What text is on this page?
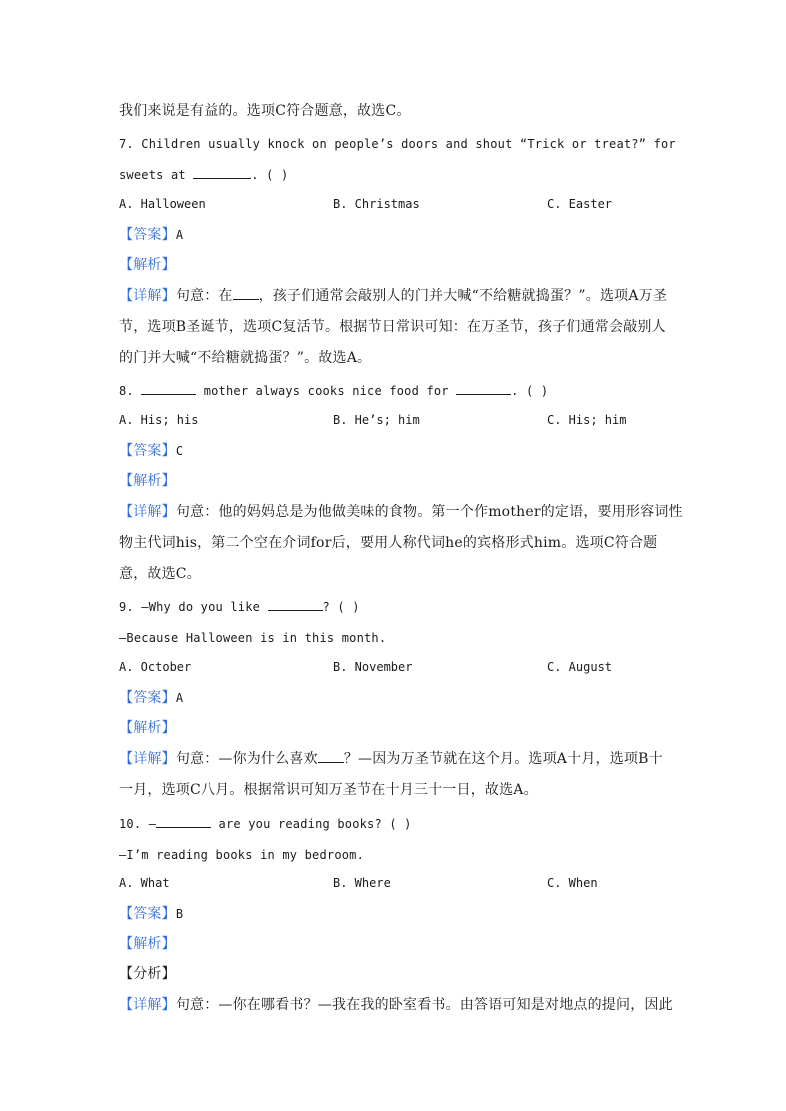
我们来说是有益的。选项C符合题意，故选C。
7. Children usually knock on people’s doors and shout “Trick or treat?” for
sweets at	. ( )
A. Halloween	B. Christmas	C. Easter
【答案】A
【解析】
【详解】句意：在 ，孩子们通常会敲别人的门并大喊“不给糖就捣蛋？”。选项A万圣
节，选项B圣诞节，选项C复活节。根据节日常识可知：在万圣节，孩子们通常会敲别人
的门并大喊“不给糖就捣蛋？”。故选A。
8.	mother always cooks nice food for	. ( )
A. His; his	B. He’s; him	C. His; him
【答案】C
【解析】
【详解】句意：他的妈妈总是为他做美味的食物。第一个作mother的定语，要用形容词性
物主代词his，第二个空在介词for后，要用人称代词he的宾格形式him。选项C符合题
意，故选C。
9. —Why do you like	? ( )
—Because Halloween is in this month.
A. October	B. November	C. August
【答案】A
【解析】
【详解】句意：—你为什么喜欢 ？—因为万圣节就在这个月。选项A十月，选项B十
一月，选项C八月。根据常识可知万圣节在十月三十一日，故选A。
10. —	are you reading books? ( )
—I’m reading books in my bedroom.
A. What	B. Where	C. When
【答案】B
【解析】
【分析】
【详解】句意：—你在哪看书？—我在我的卧室看书。由答语可知是对地点的提问，因此
